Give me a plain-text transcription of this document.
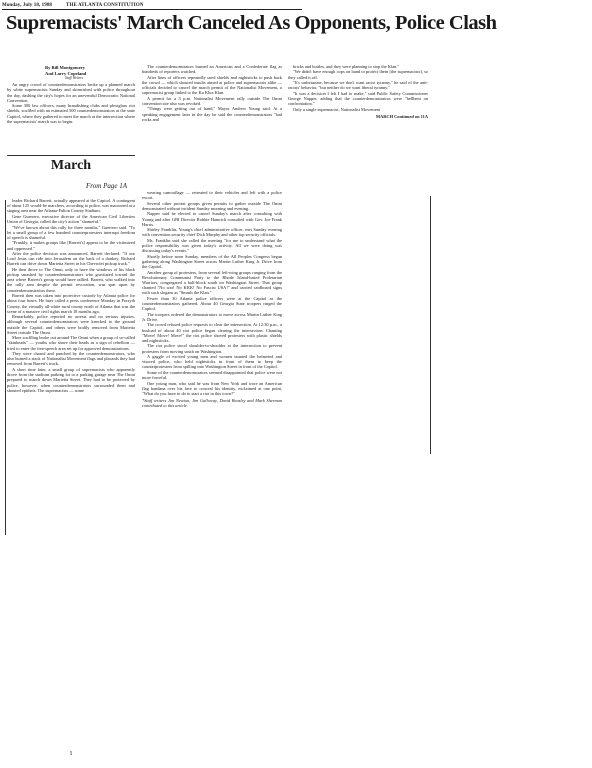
Monday, July 18, 1988	THE ATLANTA CONSTITUTION
Supremacists' March Canceled As Opponents, Police Clash
By Bill Montgomery
And Larry Copeland
Staff Writers

An angry crowd of counterdemonstrators broke up a planned march by white supremacists Sunday and skirmished with police throughout the day, dashing the city's hopes for an uneventful Democratic National Convention.

Some 300 law officers, many brandishing clubs and plexiglass riot shields, scuffled with an estimated 500 counterdemonstrators at the state Capitol, where they gathered to meet the march at the intersection where the supremacists' march was to begin.

March
From Page 1A

leader Richard Barrett, actually appeared at the Capitol. A contingent of about 125 would-be marchers, according to police, was marooned at a staging area near the Atlanta-Fulton County Stadium.

Gene Guerrero, executive director of the American Civil Liberties Union of Georgia, called the city's action "shameful."

"We've known about this rally for three months," Guerrero said. "To let a small group of a few hundred counterprotesters interrupt freedom of speech is shameful.

"Frankly, it makes groups like [Barrett's] appear to be the victimized and oppressed."

After the police decision was announced, Barrett declared: "If our Lord Jesus can ride into Jerusalem on the back of a donkey, Richard Barrett can drive down Marietta Street in his Chevrolet pickup truck."

He then drove to The Omni, only to have the windows of his black pickup smashed by counterdemonstrators who gravitated toward the area where Barrett's group would have rallied. Barrett, who walked into the rally area despite the permit revocation, was spat upon by counterdemonstrators there.

Barrett then was taken into protective custody by Atlanta police for about four hours. He later called a press conference Monday in Forsyth County, the virtually all-white rural county north of Atlanta that was the scene of a massive civil rights march 18 months ago.

Remarkably, police reported no arrests and no serious injuries, although several counterdemonstrators were knocked to the ground outside the Capitol, and others were bodily removed from Marietta Street outside The Omni.

More scuffling broke out around The Omni when a group of so-called "skinheads" — youths who shave their heads as a sign of rebellion — tried to enter the free-speech area set up for approved demonstrations.

They were chased and punched by the counterdemonstrators, who also burned a stack of Nationalist Movement flags and placards they had removed from Barrett's truck.

A short time later, a small group of supremacists who apparently drove from the stadium parking lot to a parking garage near The Omni prepared to march down Marietta Street. They had to be protected by police, however, when counterdemonstrators surrounded them and shouted epithets. The supremacists — some

The counterdemonstrators burned an American and a Confederate flag as hundreds of reporters watched.

After lines of officers repeatedly used shields and nightsticks to push back the crowd — which shouted insults aimed at police and supremacists alike — officials decided to cancel the march permit of the Nationalist Movement, a supremacist group linked to the Ku Klux Klan.

A permit for a 3 p.m. Nationalist Movement rally outside The Omni convention site also was revoked.

"Things were getting out of hand," Mayor Andrew Young said. At a speaking engagement later in the day he said the counterdemonstrators "had rocks and

wearing camouflage — retreated to their vehicles and left with a police escort.

Several other protest groups given permits to gather outside The Omni demonstrated without incident Sunday morning and evening.

Napper said he elected to cancel Sunday's march after consulting with Young and after GBI Director Robbie Hamrick consulted with Gov. Joe Frank Harris.

Shirley Franklin, Young's chief administrative officer, met Sunday evening with convention security chief Dick Murphy and other top security officials.

Ms. Franklin said she called the meeting "for me to understand what the police responsibility was given today's activity. All we were doing was discussing today's events."

Shortly before noon Sunday, members of the All Peoples Congress began gathering along Washington Street across Martin Luther King Jr. Drive from the Capitol.

Another group of protesters, from several left-wing groups ranging from the Revolutionary Communist Party to the Rhode Island-based Proletarian Warriors, congregated a half-block south on Washington Street. That group chanted "No war! No KKK! No Fascist USA!" and carried cardboard signs with such slogans as "Smash the Klan."

Fewer than 30 Atlanta police officers were at the Capitol as the counterdemonstrators gathered. About 40 Georgia State troopers ringed the Capitol.

The troopers ordered the demonstrators to move across Martin Luther King Jr. Drive.

The crowd refused police requests to clear the intersection. At 12:30 p.m., a busload of about 40 riot police began clearing the intersection. Chanting "Move! Move! Move!" the riot police shoved protesters with plastic shields and nightsticks.

The riot police stood shoulder-to-shoulder at the intersection to prevent protesters from moving south on Washington.

A gaggle of excited young men and women taunted the helmeted and visored police, who held nightsticks in front of them to keep the counterprotesters from spilling into Washington Street in front of the Capitol.

Some of the counterdemonstrators seemed disappointed that police were not more forceful.

One young man, who said he was from New York and wore an American flag bandana over his face to conceal his identity, exclaimed at one point, "What do you have to do to start a riot in this town?"

*Staff writers Jim Newton, Jim Galloway, David Beasley and Mark Sherman contributed to this article.

bricks and bottles, and they were planning to stop the Klan."

"We didn't have enough cops on hand to protect them [the supremacists], so they called it off.

"It's unfortunate, because we don't want racist tyranny," he said of the anti-racists' behavior, "but neither do we want liberal tyranny."

"It was a decision I felt I had to make," said Public Safety Commissioner George Napper, adding that the counterdemonstrators were "hellbent on confrontation."

Only a single supremacist, Nationalist Movement

MARCH Continued on 11A
ɩ
